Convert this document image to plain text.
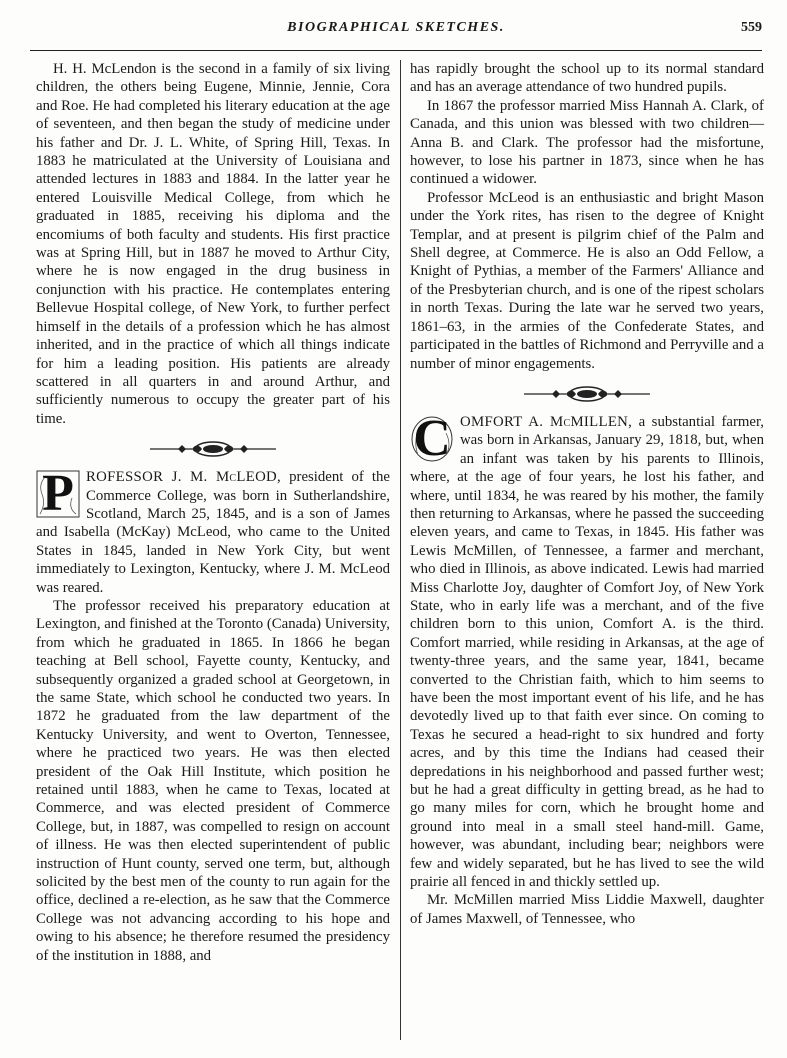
BIOGRAPHICAL SKETCHES.	559

H. H. McLendon is the second in a family of six living children, the others being Eugene, Minnie, Jennie, Cora and Roe. He had completed his literary education at the age of seventeen, and then began the study of medicine under his father and Dr. J. L. White, of Spring Hill, Texas. In 1883 he matriculated at the University of Louisiana and attended lectures in 1883 and 1884. In the latter year he entered Louisville Medical College, from which he graduated in 1885, receiving his diploma and the encomiums of both faculty and students. His first practice was at Spring Hill, but in 1887 he moved to Arthur City, where he is now engaged in the drug business in conjunction with his practice. He contemplates entering Bellevue Hospital college, of New York, to further perfect himself in the details of a profession which he has almost inherited, and in the practice of which all things indicate for him a leading position. His patients are already scattered in all quarters in and around Arthur, and sufficiently numerous to occupy the greater part of his time.

P ROFESSOR J. M. McLEOD, president of the Commerce College, was born in Sutherlandshire, Scotland, March 25, 1845, and is a son of James and Isabella (McKay) McLeod, who came to the United States in 1845, landed in New York City, but went immediately to Lexington, Kentucky, where J. M. McLeod was reared.

The professor received his preparatory education at Lexington, and finished at the Toronto (Canada) University, from which he graduated in 1865. In 1866 he began teaching at Bell school, Fayette county, Kentucky, and subsequently organized a graded school at Georgetown, in the same State, which school he conducted two years. In 1872 he graduated from the law department of the Kentucky University, and went to Overton, Tennessee, where he practiced two years. He was then elected president of the Oak Hill Institute, which position he retained until 1883, when he came to Texas, located at Commerce, and was elected president of Commerce College, but, in 1887, was compelled to resign on account of illness. He was then elected superintendent of public instruction of Hunt county, served one term, but, although solicited by the best men of the county to run again for the office, declined a re-election, as he saw that the Commerce College was not advancing according to his hope and owing to his absence; he therefore resumed the presidency of the institution in 1888, and

has rapidly brought the school up to its normal standard and has an average attendance of two hundred pupils.

In 1867 the professor married Miss Hannah A. Clark, of Canada, and this union was blessed with two children—Anna B. and Clark. The professor had the misfortune, however, to lose his partner in 1873, since when he has continued a widower.

Professor McLeod is an enthusiastic and bright Mason under the York rites, has risen to the degree of Knight Templar, and at present is pilgrim chief of the Palm and Shell degree, at Commerce. He is also an Odd Fellow, a Knight of Pythias, a member of the Farmers' Alliance and of the Presbyterian church, and is one of the ripest scholars in north Texas. During the late war he served two years, 1861–63, in the armies of the Confederate States, and participated in the battles of Richmond and Perryville and a number of minor engagements.

C OMFORT A. McMILLEN, a substantial farmer, was born in Arkansas, January 29, 1818, but, when an infant was taken by his parents to Illinois, where, at the age of four years, he lost his father, and where, until 1834, he was reared by his mother, the family then returning to Arkansas, where he passed the succeeding eleven years, and came to Texas, in 1845. His father was Lewis McMillen, of Tennessee, a farmer and merchant, who died in Illinois, as above indicated. Lewis had married Miss Charlotte Joy, daughter of Comfort Joy, of New York State, who in early life was a merchant, and of the five children born to this union, Comfort A. is the third. Comfort married, while residing in Arkansas, at the age of twenty-three years, and the same year, 1841, became converted to the Christian faith, which to him seems to have been the most important event of his life, and he has devotedly lived up to that faith ever since. On coming to Texas he secured a head-right to six hundred and forty acres, and by this time the Indians had ceased their depredations in his neighborhood and passed further west; but he had a great difficulty in getting bread, as he had to go many miles for corn, which he brought home and ground into meal in a small steel hand-mill. Game, however, was abundant, including bear; neighbors were few and widely separated, but he has lived to see the wild prairie all fenced in and thickly settled up.

Mr. McMillen married Miss Liddie Maxwell, daughter of James Maxwell, of Tennessee, who
